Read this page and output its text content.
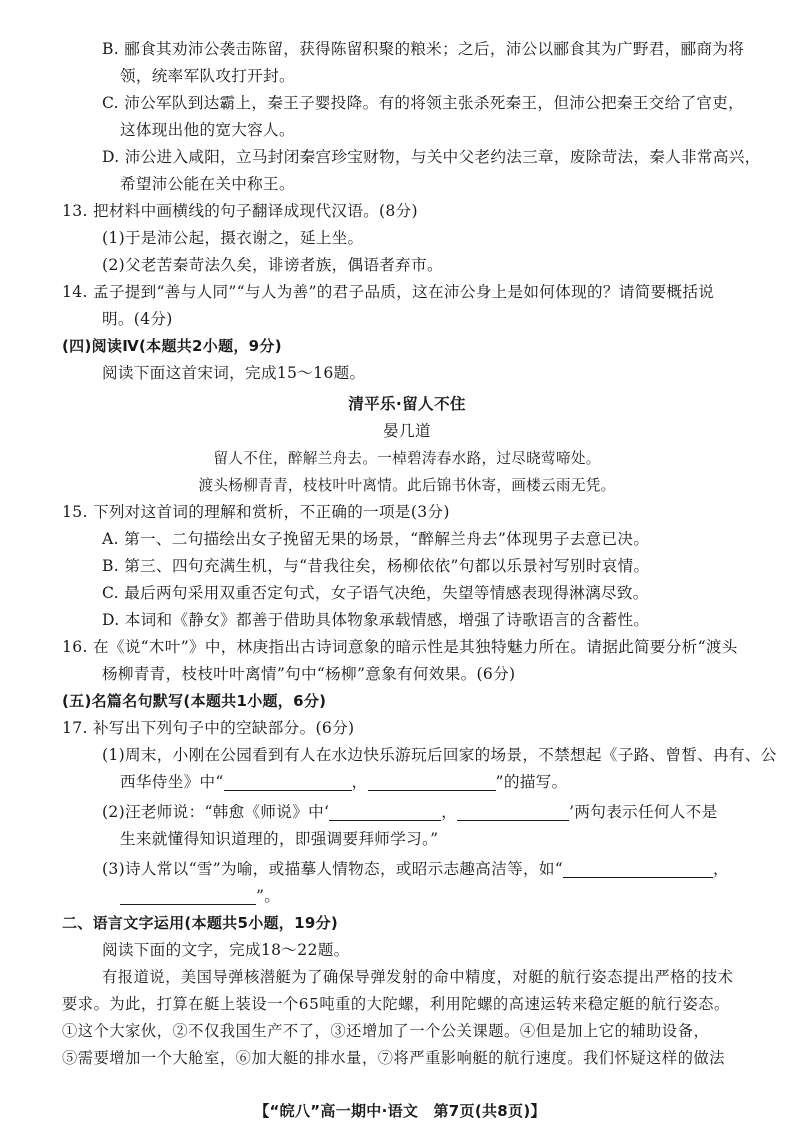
B. 郦食其劝沛公袭击陈留，获得陈留积聚的粮米；之后，沛公以郦食其为广野君，郦商为将
领，统率军队攻打开封。
C. 沛公军队到达霸上，秦王子婴投降。有的将领主张杀死秦王，但沛公把秦王交给了官吏，
这体现出他的宽大容人。
D. 沛公进入咸阳，立马封闭秦宫珍宝财物，与关中父老约法三章，废除苛法，秦人非常高兴，
希望沛公能在关中称王。
13. 把材料中画横线的句子翻译成现代汉语。(8分)
(1)于是沛公起，摄衣谢之，延上坐。
(2)父老苦秦苛法久矣，诽谤者族，偶语者弃市。
14. 孟子提到“善与人同”“与人为善”的君子品质，这在沛公身上是如何体现的？请简要概括说
明。(4分)
(四)阅读Ⅳ(本题共2小题，9分)
阅读下面这首宋词，完成15～16题。
清平乐·留人不住
晏几道
留人不住，醉解兰舟去。一棹碧涛春水路，过尽晓莺啼处。
渡头杨柳青青，枝枝叶叶离情。此后锦书休寄，画楼云雨无凭。
15. 下列对这首词的理解和赏析，不正确的一项是(3分)
A. 第一、二句描绘出女子挽留无果的场景，“醉解兰舟去”体现男子去意已决。
B. 第三、四句充满生机，与“昔我往矣，杨柳依依”句都以乐景衬写别时哀情。
C. 最后两句采用双重否定句式，女子语气决绝，失望等情感表现得淋漓尽致。
D. 本词和《静女》都善于借助具体物象承载情感，增强了诗歌语言的含蓄性。
16. 在《说“木叶”》中，林庚指出古诗词意象的暗示性是其独特魅力所在。请据此简要分析“渡头
杨柳青青，枝枝叶叶离情”句中“杨柳”意象有何效果。(6分)
(五)名篇名句默写(本题共1小题，6分)
17. 补写出下列句子中的空缺部分。(6分)
(1)周末，小刚在公园看到有人在水边快乐游玩后回家的场景，不禁想起《子路、曾皙、冉有、公
西华侍坐》中“	，	”的描写。
(2)汪老师说：“韩愈《师说》中‘	，	’两句表示任何人不是
生来就懂得知识道理的，即强调要拜师学习。”
(3)诗人常以“雪”为喻，或描摹人情物态，或昭示志趣高洁等，如“	，
”。
二、语言文字运用(本题共5小题，19分)
阅读下面的文字，完成18～22题。
有报道说，美国导弹核潜艇为了确保导弹发射的命中精度，对艇的航行姿态提出严格的技术
要求。为此，打算在艇上装设一个65吨重的大陀螺，利用陀螺的高速运转来稳定艇的航行姿态。
①这个大家伙，②不仅我国生产不了，③还增加了一个公关课题。④但是加上它的辅助设备，
⑤需要增加一个大舱室，⑥加大艇的排水量，⑦将严重影响艇的航行速度。我们怀疑这样的做法
【“皖八”高一期中·语文　第7页(共8页)】
